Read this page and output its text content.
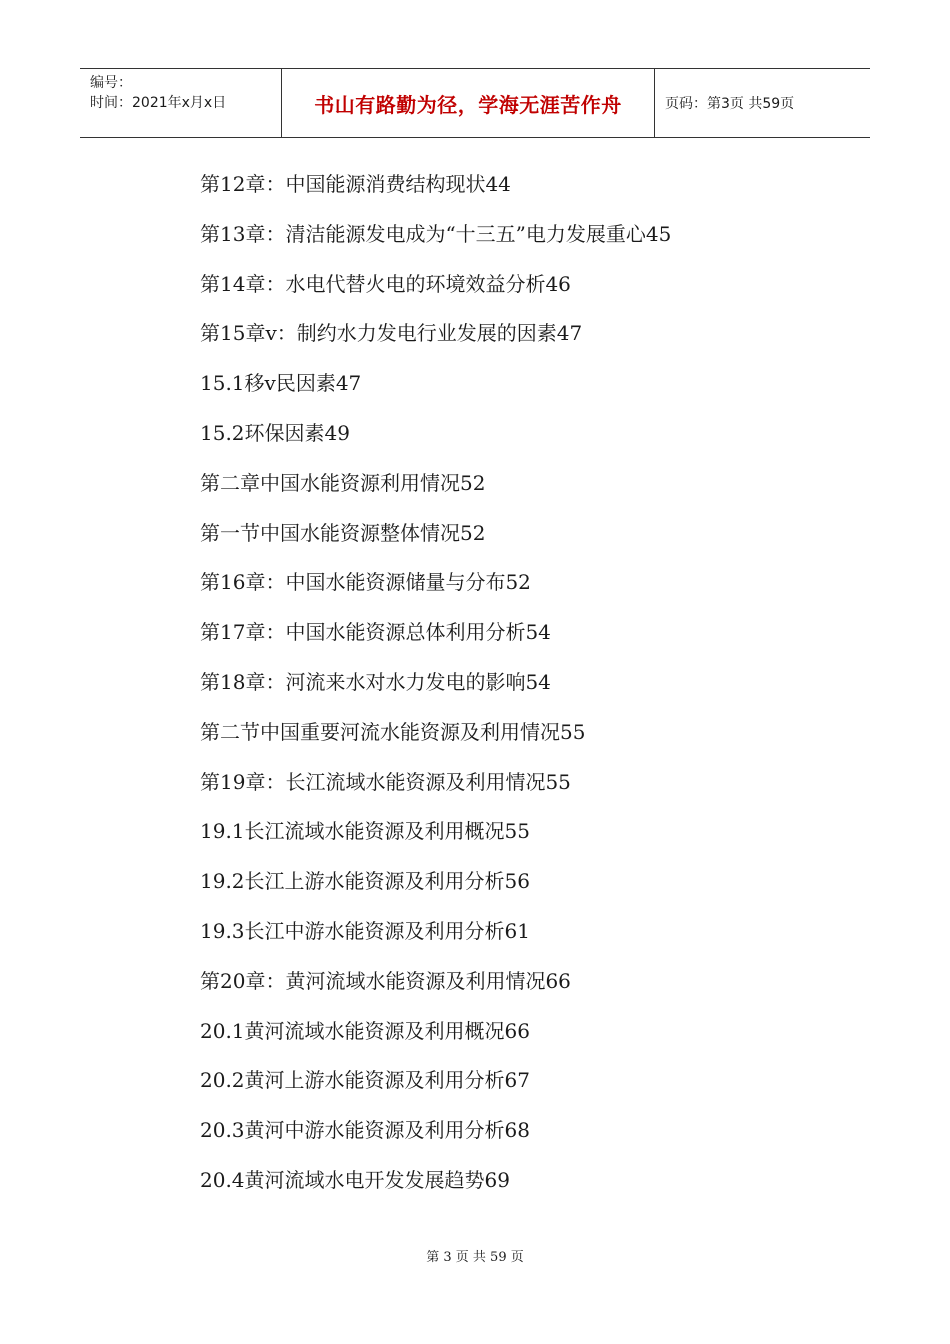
编号：
时间：2021年x月x日	书山有路勤为径，学海无涯苦作舟	页码：第3页 共59页
第12章：中国能源消费结构现状44
第13章：清洁能源发电成为“十三五”电力发展重心45
第14章：水电代替火电的环境效益分析46
第15章v：制约水力发电行业发展的因素47
15.1移v民因素47
15.2环保因素49
第二章中国水能资源利用情况52
第一节中国水能资源整体情况52
第16章：中国水能资源储量与分布52
第17章：中国水能资源总体利用分析54
第18章：河流来水对水力发电的影响54
第二节中国重要河流水能资源及利用情况55
第19章：长江流域水能资源及利用情况55
19.1长江流域水能资源及利用概况55
19.2长江上游水能资源及利用分析56
19.3长江中游水能资源及利用分析61
第20章：黄河流域水能资源及利用情况66
20.1黄河流域水能资源及利用概况66
20.2黄河上游水能资源及利用分析67
20.3黄河中游水能资源及利用分析68
20.4黄河流域水电开发发展趋势69
第 3 页 共 59 页
